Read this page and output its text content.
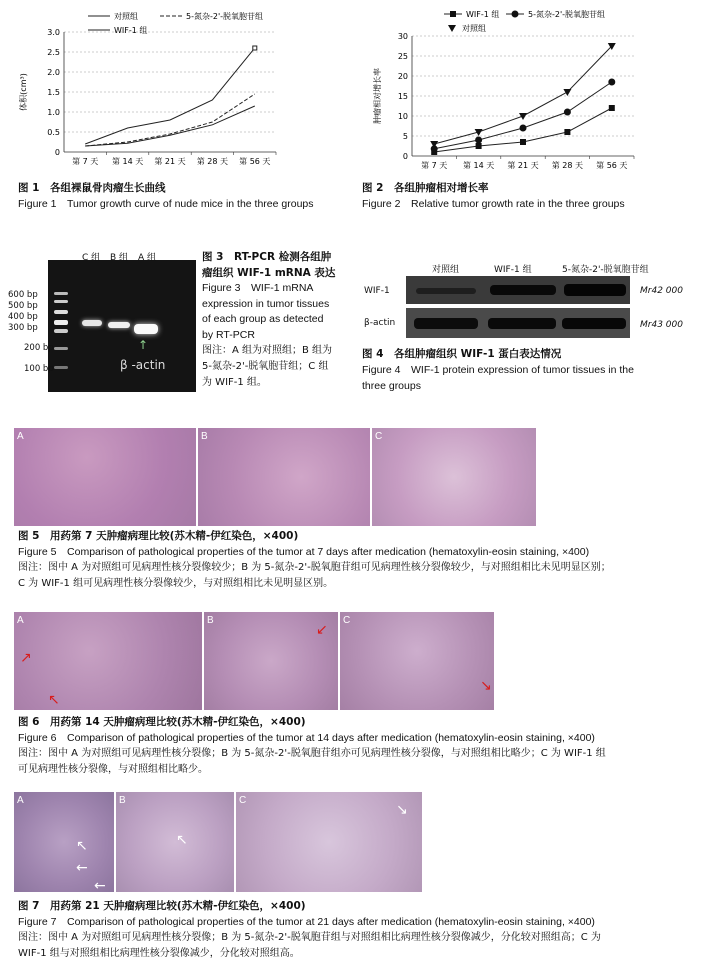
0
0.5
1.0
1.5
2.0
2.5
3.0
第 7 天 第 14 天 第 21 天 第 28 天 第 56 天
体积(cm³)
对照组	5-氮杂-2'-脱氧胞苷组
WIF-1 组
图 1　各组裸鼠骨肉瘤生长曲线
Figure 1　Tumor growth curve of nude mice in the three groups
0
5
10
15
20
25
30
第 7 天 第 14 天 第 21 天 第 28 天 第 56 天
肿瘤相对增长率
WIF-1 组	5-氮杂-2'-脱氧胞苷组
对照组
图 2　各组肿瘤相对增长率
Figure 2　Relative tumor growth rate in the three groups
C 组	B 组	A 组
600 bp
500 bp
400 bp
300 bp
200 bp
100 bp
↑
β -actin
图 3　RT-PCR 检测各组肿
瘤组织 WIF-1 mRNA 表达
Figure 3　WIF-1 mRNA
expression in tumor tissues
of each group as detected
by RT-PCR
图注：A 组为对照组；B 组为
5-氮杂-2'-脱氧胞苷组；C 组
为 WIF-1 组。
对照组	WIF-1 组	5-氮杂-2'-脱氧胞苷组
WIF-1
β-actin
Mr42 000
Mr43 000
图 4　各组肿瘤组织 WIF-1 蛋白表达情况
Figure 4　WIF-1 protein expression of tumor tissues in the
three groups
A	B	C
图 5　用药第 7 天肿瘤病理比较(苏木精-伊红染色，×400)
Figure 5　Comparison of pathological properties of the tumor at 7 days after medication (hematoxylin-eosin staining, ×400)
图注：图中 A 为对照组可见病理性核分裂像较少；B 为 5-氮杂-2'-脱氧胞苷组可见病理性核分裂像较少，与对照组相比未见明显区别；
C 为 WIF-1 组可见病理性核分裂像较少，与对照组相比未见明显区别。
A
↗
↖
B
↙
C
↘
图 6　用药第 14 天肿瘤病理比较(苏木精-伊红染色，×400)
Figure 6　Comparison of pathological properties of the tumor at 14 days after medication (hematoxylin-eosin staining, ×400)
图注：图中 A 为对照组可见病理性核分裂像；B 为 5-氮杂-2'-脱氧胞苷组亦可见病理性核分裂像，与对照组相比略少；C 为 WIF-1 组
可见病理性核分裂像，与对照组相比略少。
A
↖
←
←
B
↖
C
↘
图 7　用药第 21 天肿瘤病理比较(苏木精-伊红染色，×400)
Figure 7　Comparison of pathological properties of the tumor at 21 days after medication (hematoxylin-eosin staining, ×400)
图注：图中 A 为对照组可见病理性核分裂像；B 为 5-氮杂-2'-脱氧胞苷组与对照组相比病理性核分裂像减少，分化较对照组高；C 为
WIF-1 组与对照组相比病理性核分裂像减少，分化较对照组高。
